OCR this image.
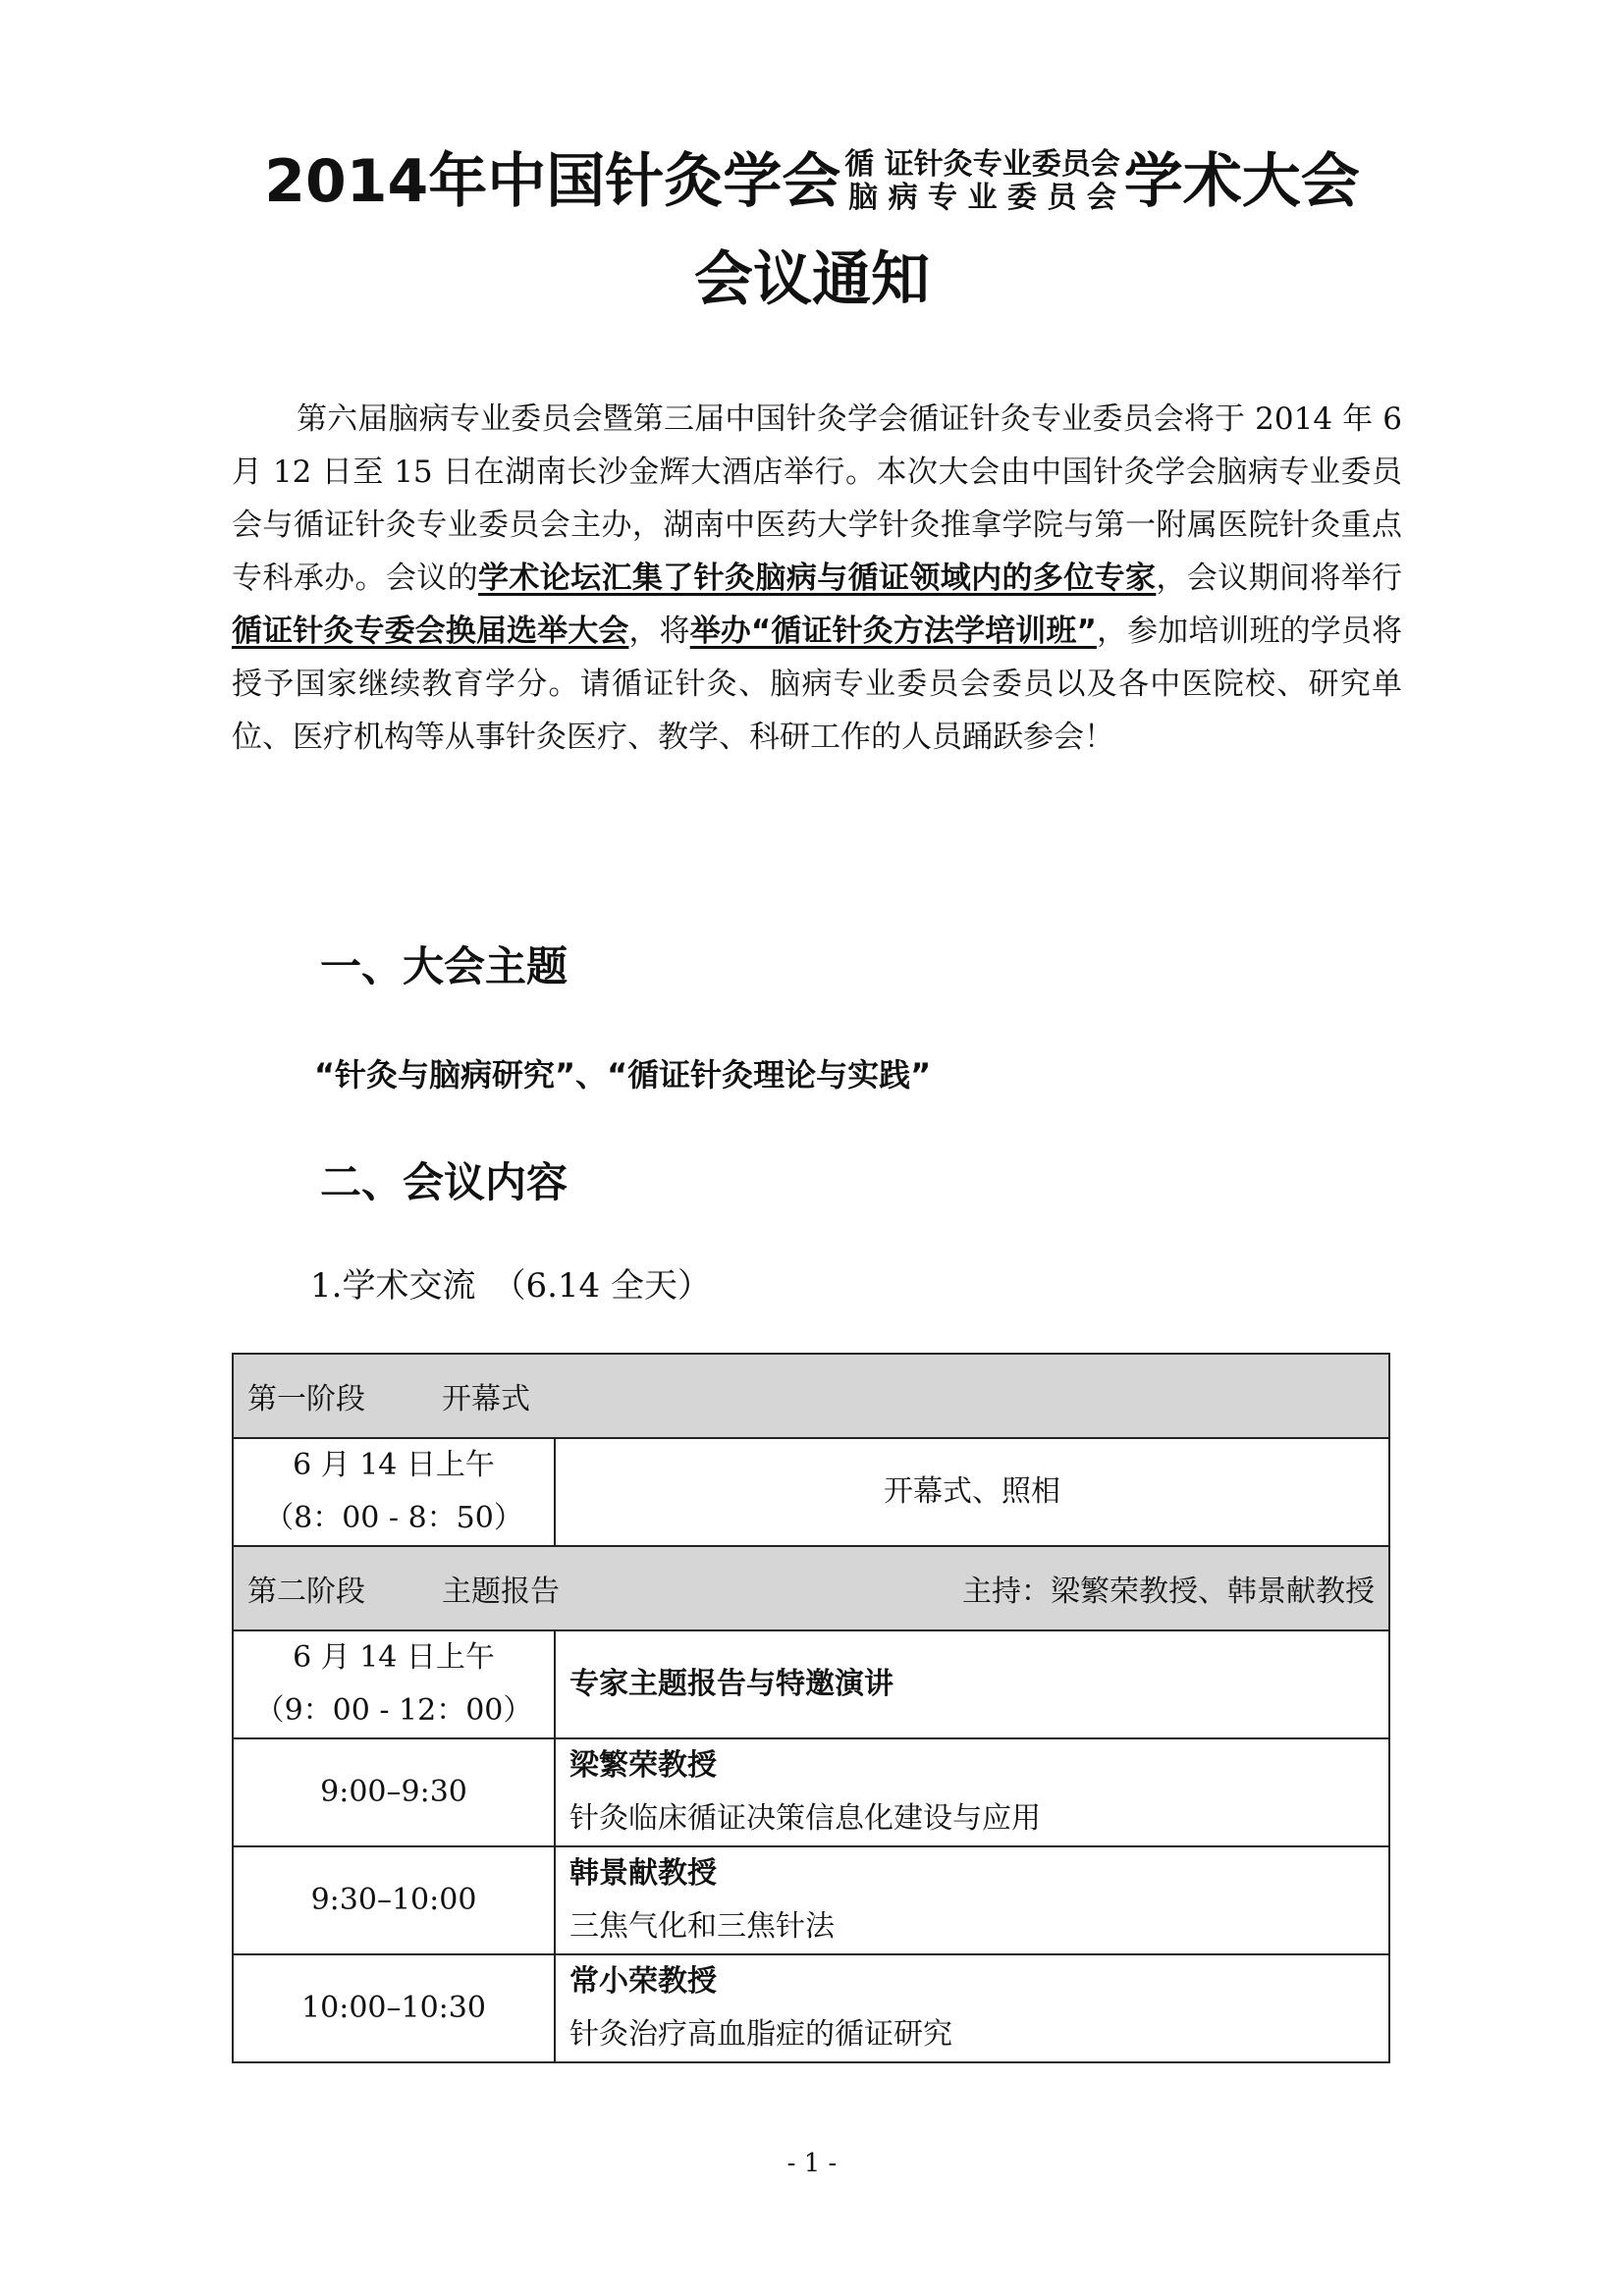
2014年中国针灸学会 循 证针灸专业委员会
脑 病 专 业 委 员 会 学术大会
会议通知

第六届脑病专业委员会暨第三届中国针灸学会循证针灸专业委员会将于 2014 年 6 月 12 日至 15 日在湖南长沙金辉大酒店举行。本次大会由中国针灸学会脑病专业委员会与循证针灸专业委员会主办，湖南中医药大学针灸推拿学院与第一附属医院针灸重点专科承办。会议的学术论坛汇集了针灸脑病与循证领域内的多位专家，会议期间将举行循证针灸专委会换届选举大会，将举办“循证针灸方法学培训班”，参加培训班的学员将授予国家继续教育学分。请循证针灸、脑病专业委员会委员以及各中医院校、研究单位、医疗机构等从事针灸医疗、教学、科研工作的人员踊跃参会！

一、大会主题

“针灸与脑病研究”、“循证针灸理论与实践”

二、会议内容

1.学术交流　（6.14 全天）

第一阶段 开幕式	

6 月 14 日上午
（8：00 - 8：50）	开幕式、照相

第二阶段 主题报告 主持：梁繁荣教授、韩景献教授	

6 月 14 日上午
（9：00 - 12：00）	专家主题报告与特邀演讲
9:00–9:30	梁繁荣教授
针灸临床循证决策信息化建设与应用

9:30–10:00	韩景献教授
三焦气化和三焦针法

10:00–10:30	常小荣教授
针灸治疗高血脂症的循证研究
- 1 -
